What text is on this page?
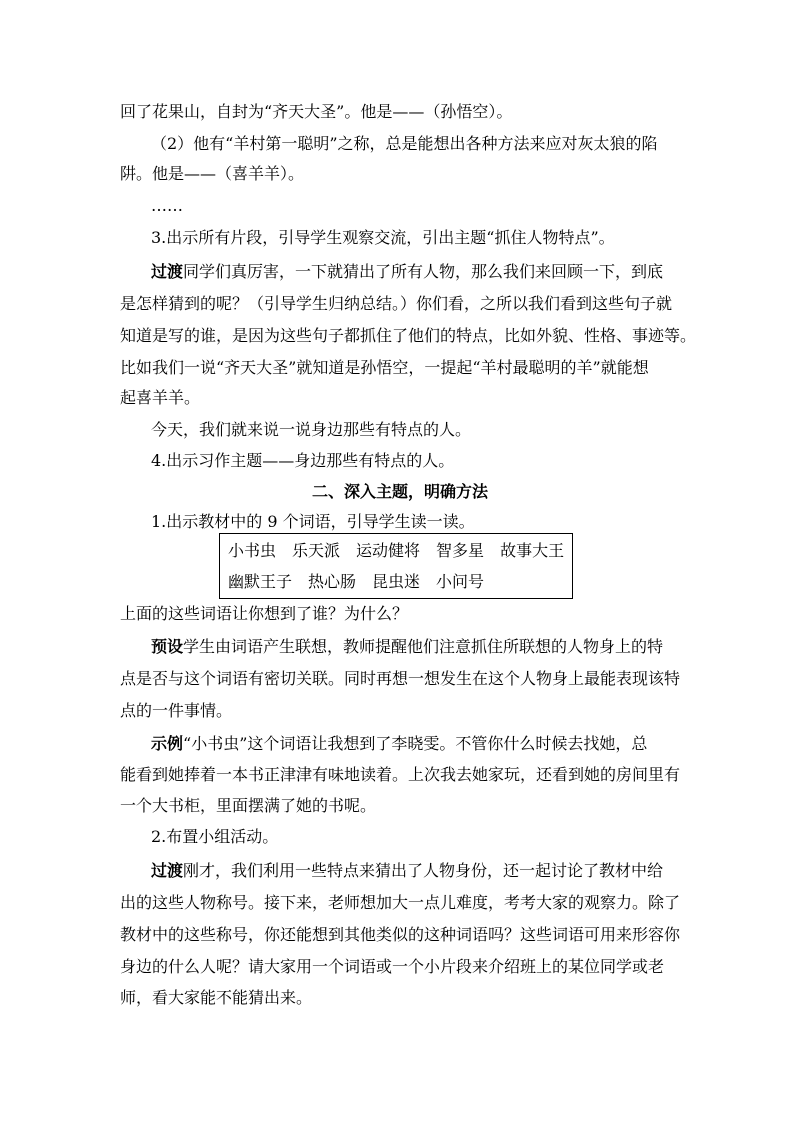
回了花果山，自封为“齐天大圣”。他是——（孙悟空）。
（2）他有“羊村第一聪明”之称，总是能想出各种方法来应对灰太狼的陷
阱。他是——（喜羊羊）。
……
3.出示所有片段，引导学生观察交流，引出主题“抓住人物特点”。
过渡同学们真厉害，一下就猜出了所有人物，那么我们来回顾一下，到底
是怎样猜到的呢？（引导学生归纳总结。）你们看，之所以我们看到这些句子就
知道是写的谁，是因为这些句子都抓住了他们的特点，比如外貌、性格、事迹等。
比如我们一说“齐天大圣”就知道是孙悟空，一提起“羊村最聪明的羊”就能想
起喜羊羊。
今天，我们就来说一说身边那些有特点的人。
4.出示习作主题——身边那些有特点的人。
二、深入主题，明确方法
1.出示教材中的 9 个词语，引导学生读一读。
小书虫 乐天派 运动健将 智多星 故事大王
幽默王子 热心肠 昆虫迷 小问号
上面的这些词语让你想到了谁？为什么？
预设学生由词语产生联想，教师提醒他们注意抓住所联想的人物身上的特
点是否与这个词语有密切关联。同时再想一想发生在这个人物身上最能表现该特
点的一件事情。
示例“小书虫”这个词语让我想到了李晓雯。不管你什么时候去找她，总
能看到她捧着一本书正津津有味地读着。上次我去她家玩，还看到她的房间里有
一个大书柜，里面摆满了她的书呢。
2.布置小组活动。
过渡刚才，我们利用一些特点来猜出了人物身份，还一起讨论了教材中给
出的这些人物称号。接下来，老师想加大一点儿难度，考考大家的观察力。除了
教材中的这些称号，你还能想到其他类似的这种词语吗？这些词语可用来形容你
身边的什么人呢？请大家用一个词语或一个小片段来介绍班上的某位同学或老
师，看大家能不能猜出来。
